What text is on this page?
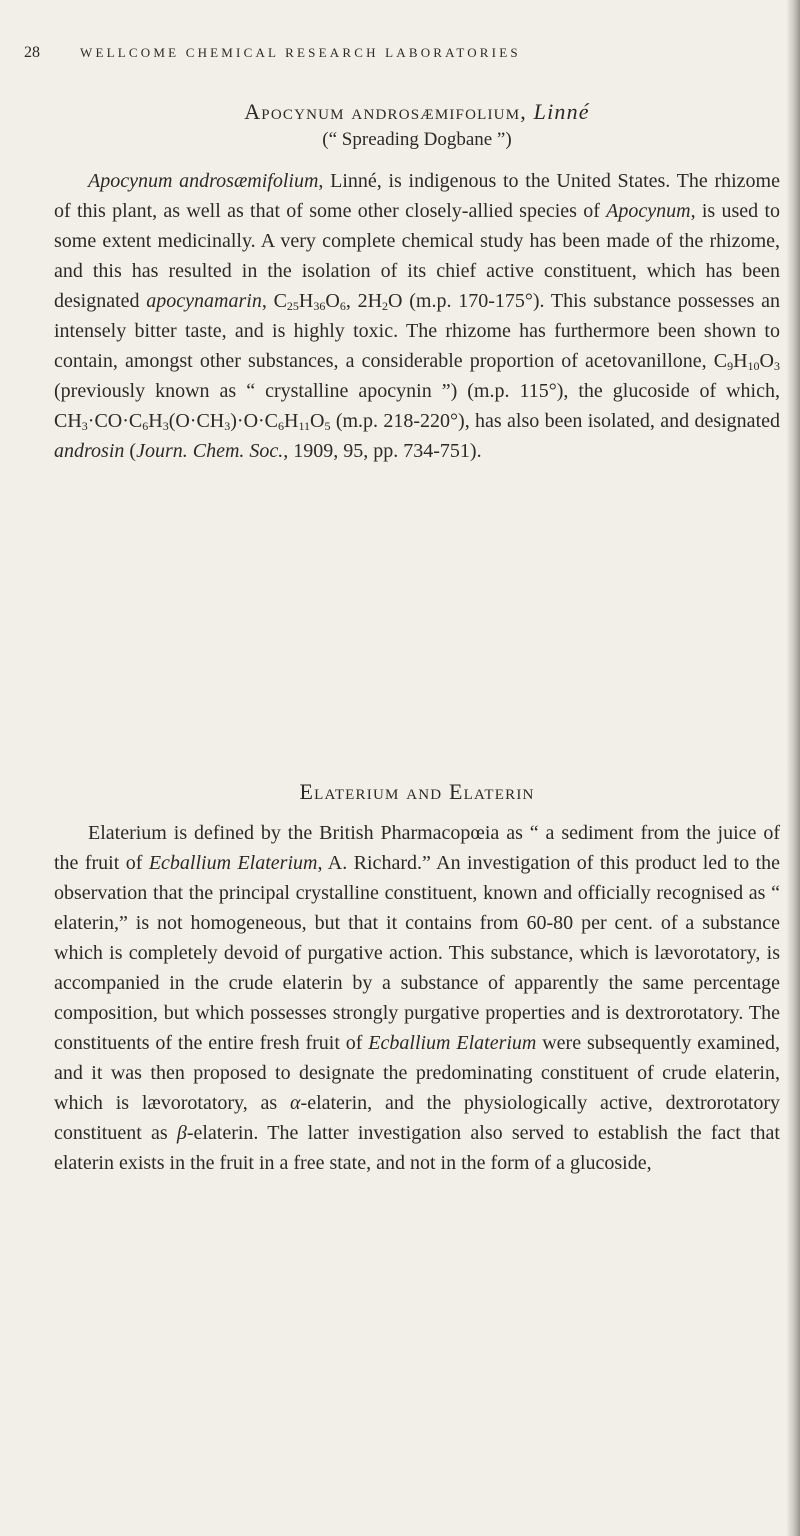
28	WELLCOME CHEMICAL RESEARCH LABORATORIES
Apocynum androsæmifolium, Linné
(“ Spreading Dogbane ”)

Apocynum androsæmifolium, Linné, is indigenous to the United States. The rhizome of this plant, as well as that of some other closely-allied species of Apocynum, is used to some extent medicinally. A very complete chemical study has been made of the rhizome, and this has resulted in the isolation of its chief active constituent, which has been designated apocynamarin, $C_{25}H_{36}O_6$, $2H_2O$ (m.p. 170-175°). This substance possesses an intensely bitter taste, and is highly toxic. The rhizome has furthermore been shown to contain, amongst other substances, a considerable proportion of acetovanillone, $C_9H_{10}O_3$ (previously known as “ crystalline apocynin ”) (m.p. 115°), the glucoside of which, $CH_3\cdot CO\cdot C_6H_3(O\cdot CH_3)\cdot O\cdot C_6H_{11}O_5$ (m.p. 218-220°), has also been isolated, and designated androsin (Journ. Chem. Soc., 1909, 95, pp. 734-751).

Elaterium and Elaterin

Elaterium is defined by the British Pharmacopœia as “ a sediment from the juice of the fruit of Ecballium Elaterium, A. Richard.” An investigation of this product led to the observation that the principal crystalline constituent, known and officially recognised as “ elaterin,” is not homogeneous, but that it contains from 60-80 per cent. of a substance which is completely devoid of purgative action. This substance, which is lævorotatory, is accompanied in the crude elaterin by a substance of apparently the same percentage composition, but which possesses strongly purgative properties and is dextrorotatory. The constituents of the entire fresh fruit of Ecballium Elaterium were subsequently examined, and it was then proposed to designate the predominating constituent of crude elaterin, which is lævorotatory, as α-elaterin, and the physiologically active, dextrorotatory constituent as β-elaterin. The latter investigation also served to establish the fact that elaterin exists in the fruit in a free state, and not in the form of a glucoside,
